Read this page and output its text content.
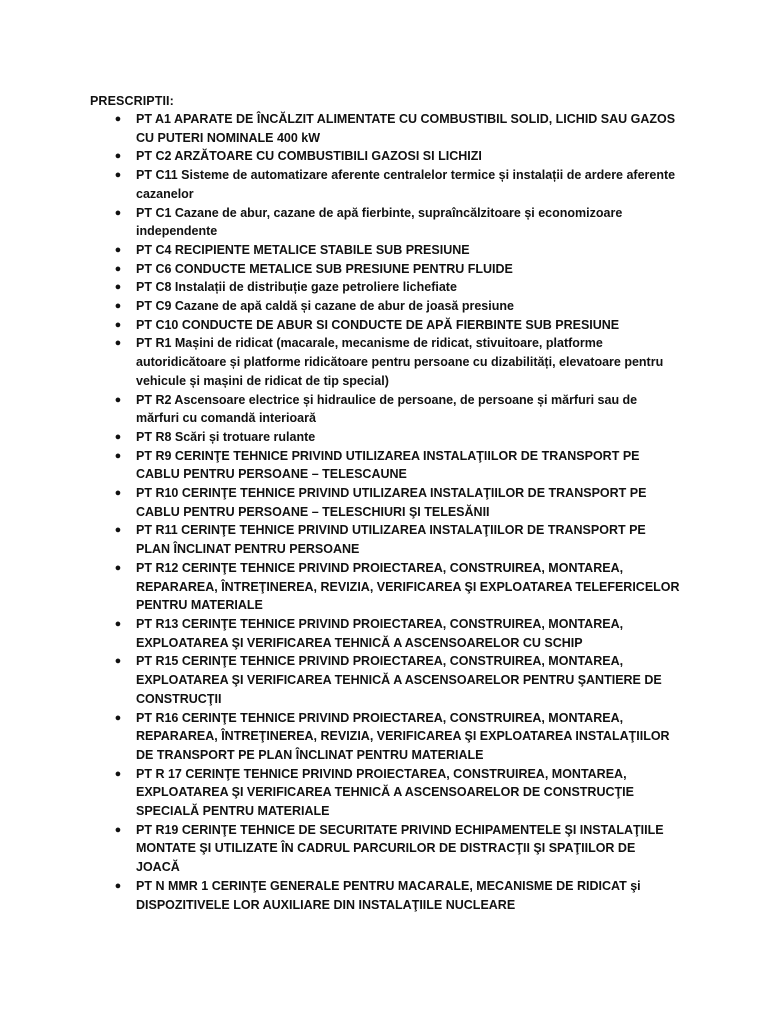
PRESCRIPTII:
● PT A1 APARATE DE ÎNCĂLZIT ALIMENTATE CU COMBUSTIBIL SOLID, LICHID SAU GAZOS CU PUTERI NOMINALE 400 kW
● PT C2 ARZĂTOARE CU COMBUSTIBILI GAZOSI SI LICHIZI
● PT C11 Sisteme de automatizare aferente centralelor termice și instalații de ardere aferente cazanelor
● PT C1 Cazane de abur, cazane de apă fierbinte, supraîncălzitoare și economizoare independente
● PT C4 RECIPIENTE METALICE STABILE SUB PRESIUNE
● PT C6 CONDUCTE METALICE SUB PRESIUNE PENTRU FLUIDE
● PT C8 Instalații de distribuție gaze petroliere lichefiate
● PT C9 Cazane de apă caldă și cazane de abur de joasă presiune
● PT C10 CONDUCTE DE ABUR SI CONDUCTE DE APĂ FIERBINTE SUB PRESIUNE
● PT R1 Mașini de ridicat (macarale, mecanisme de ridicat, stivuitoare, platforme autoridicătoare și platforme ridicătoare pentru persoane cu dizabilități, elevatoare pentru vehicule și mașini de ridicat de tip special)
● PT R2 Ascensoare electrice și hidraulice de persoane, de persoane și mărfuri sau de mărfuri cu comandă interioară
● PT R8 Scări și trotuare rulante
● PT R9 CERINŢE TEHNICE PRIVIND UTILIZAREA INSTALAŢIILOR DE TRANSPORT PE CABLU PENTRU PERSOANE – TELESCAUNE
● PT R10 CERINŢE TEHNICE PRIVIND UTILIZAREA INSTALAŢIILOR DE TRANSPORT PE CABLU PENTRU PERSOANE – TELESCHIURI ŞI TELESĂNII
● PT R11 CERINŢE TEHNICE PRIVIND UTILIZAREA INSTALAŢIILOR DE TRANSPORT PE PLAN ÎNCLINAT PENTRU PERSOANE
● PT R12 CERINŢE TEHNICE PRIVIND PROIECTAREA, CONSTRUIREA, MONTAREA, REPARAREA, ÎNTREŢINEREA, REVIZIA, VERIFICAREA ŞI EXPLOATAREA TELEFERICELOR PENTRU MATERIALE
● PT R13 CERINŢE TEHNICE PRIVIND PROIECTAREA, CONSTRUIREA, MONTAREA, EXPLOATAREA ŞI VERIFICAREA TEHNICĂ A ASCENSOARELOR CU SCHIP
● PT R15 CERINŢE TEHNICE PRIVIND PROIECTAREA, CONSTRUIREA, MONTAREA, EXPLOATAREA ŞI VERIFICAREA TEHNICĂ A ASCENSOARELOR PENTRU ŞANTIERE DE CONSTRUCŢII
● PT R16 CERINŢE TEHNICE PRIVIND PROIECTAREA, CONSTRUIREA, MONTAREA, REPARAREA, ÎNTREŢINEREA, REVIZIA, VERIFICAREA ŞI EXPLOATAREA INSTALAŢIILOR DE TRANSPORT PE PLAN ÎNCLINAT PENTRU MATERIALE
● PT R 17 CERINŢE TEHNICE PRIVIND PROIECTAREA, CONSTRUIREA, MONTAREA, EXPLOATAREA ŞI VERIFICAREA TEHNICĂ A ASCENSOARELOR DE CONSTRUCŢIE SPECIALĂ PENTRU MATERIALE
● PT R19 CERINŢE TEHNICE DE SECURITATE PRIVIND ECHIPAMENTELE ŞI INSTALAŢIILE MONTATE ŞI UTILIZATE ÎN CADRUL PARCURILOR DE DISTRACŢII ŞI SPAŢIILOR DE JOACĂ
● PT N MMR 1 CERINŢE GENERALE PENTRU MACARALE, MECANISME DE RIDICAT şi DISPOZITIVELE LOR AUXILIARE DIN INSTALAŢIILE NUCLEARE
